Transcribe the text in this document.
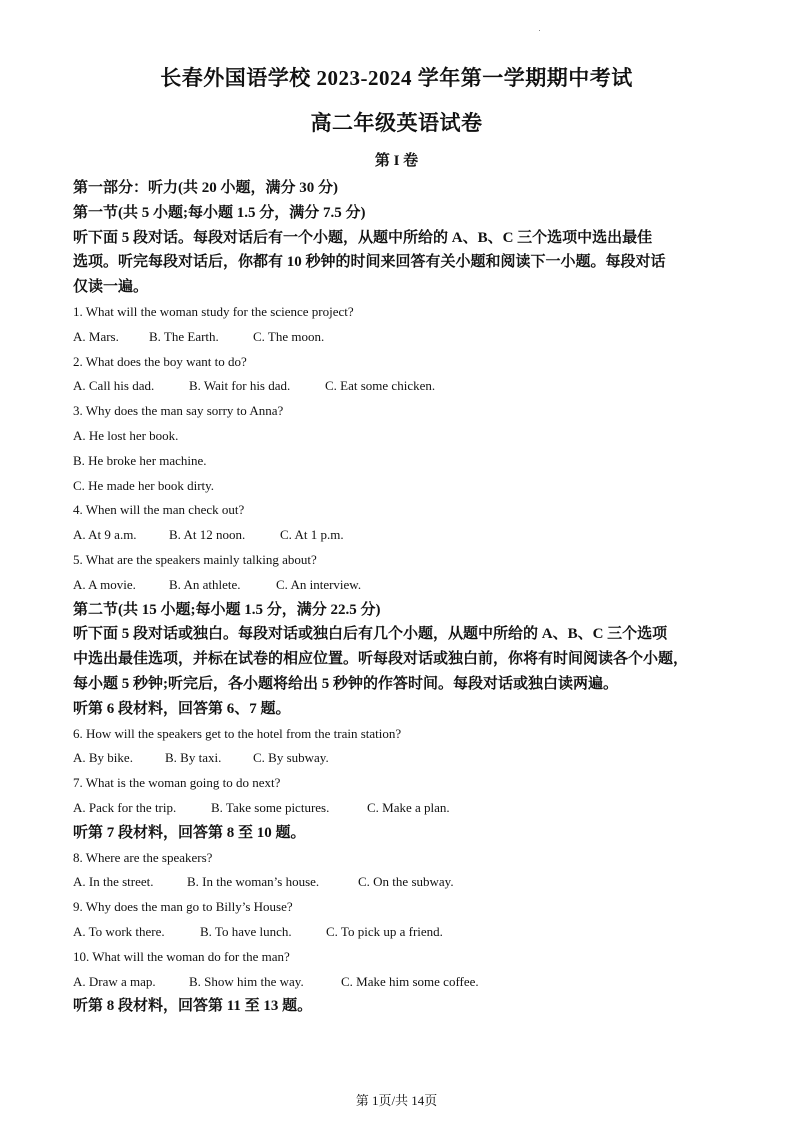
长春外国语学校 2023-2024 学年第一学期期中考试
高二年级英语试卷
第 I 卷
第一部分：听力(共 20 小题，满分 30 分)
第一节(共 5 小题;每小题 1.5 分，满分 7.5 分)
听下面 5 段对话。每段对话后有一个小题，从题中所给的 A、B、C 三个选项中选出最佳
选项。听完每段对话后，你都有 10 秒钟的时间来回答有关小题和阅读下一小题。每段对话
仅读一遍。
1. What will the woman study for the science project?
A. Mars. B. The Earth.	C. The moon.
2. What does the boy want to do?
A. Call his dad.	B. Wait for his dad.	C. Eat some chicken.
3. Why does the man say sorry to Anna?
A. He lost her book.
B. He broke her machine.
C. He made her book dirty.
4. When will the man check out?
A. At 9 a.m. B. At 12 noon.	C. At 1 p.m.
5. What are the speakers mainly talking about?
A. A movie.	B. An athlete.	C. An interview.
第二节(共 15 小题;每小题 1.5 分，满分 22.5 分)
听下面 5 段对话或独白。每段对话或独白后有几个小题，从题中所给的 A、B、C 三个选项
中选出最佳选项，并标在试卷的相应位置。听每段对话或独白前，你将有时间阅读各个小题，
每小题 5 秒钟;听完后，各小题将给出 5 秒钟的作答时间。每段对话或独白读两遍。
听第 6 段材料，回答第 6、7 题。
6. How will the speakers get to the hotel from the train station?
A. By bike. B. By taxi. C. By subway.
7. What is the woman going to do next?
A. Pack for the trip.	B. Take some pictures.	C. Make a plan.
听第 7 段材料，回答第 8 至 10 题。
8. Where are the speakers?
A. In the street.	B. In the woman’s house.	C. On the subway.
9. Why does the man go to Billy’s House?
A. To work there.	B. To have lunch.	C. To pick up a friend.
10. What will the woman do for the man?
A. Draw a map.	B. Show him the way.	C. Make him some coffee.
听第 8 段材料，回答第 11 至 13 题。
第 1页/共 14页
